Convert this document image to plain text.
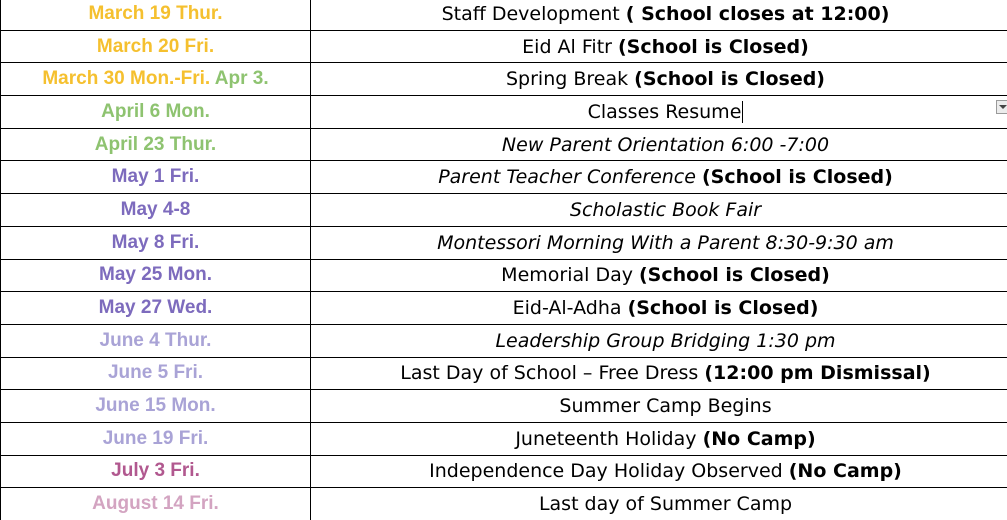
March 19 Thur.	Staff Development ( School closes at 12:00)
March 20 Fri.	Eid Al Fitr (School is Closed)
March 30 Mon.-Fri. Apr 3.	Spring Break (School is Closed)
April 6 Mon.	Classes Resume
April 23 Thur.	New Parent Orientation 6:00 -7:00
May 1 Fri.	Parent Teacher Conference (School is Closed)
May 4-8	Scholastic Book Fair
May 8 Fri.	Montessori Morning With a Parent 8:30-9:30 am
May 25 Mon.	Memorial Day (School is Closed)
May 27 Wed.	Eid-Al-Adha (School is Closed)
June 4 Thur.	Leadership Group Bridging 1:30 pm
June 5 Fri.	Last Day of School – Free Dress (12:00 pm Dismissal)
June 15 Mon.	Summer Camp Begins
June 19 Fri.	Juneteenth Holiday (No Camp)
July 3 Fri.	Independence Day Holiday Observed (No Camp)
August 14 Fri.	Last day of Summer Camp
